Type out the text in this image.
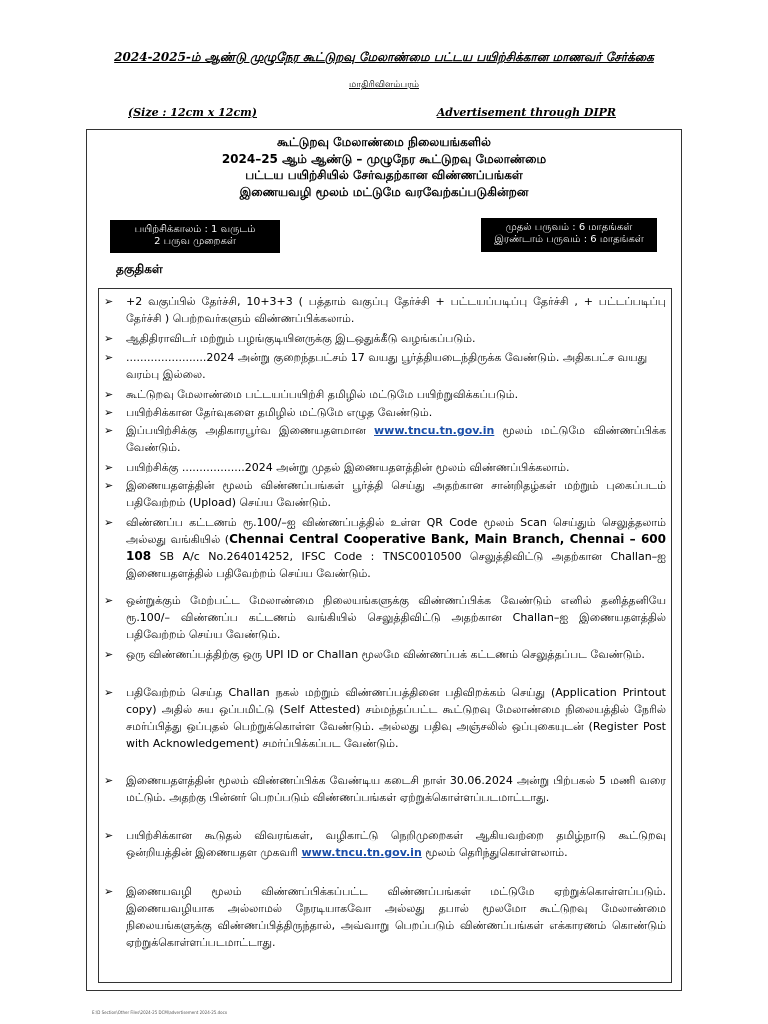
2024-2025-ம் ஆண்டு முழுநேர கூட்டுறவு மேலாண்மை பட்டய பயிற்சிக்கான மாணவர் சேர்க்கை
மாதிரிவிளம்பரம்
(Size : 12cm x 12cm)	Advertisement through DIPR
கூட்டுறவு மேலாண்மை நிலையங்களில்
2024–25 ஆம் ஆண்டு – முழுநேர கூட்டுறவு மேலாண்மை
பட்டய பயிற்சியில் சேர்வதற்கான விண்ணப்பங்கள்
இணையவழி மூலம் மட்டுமே வரவேற்கப்படுகின்றன
பயிற்சிக்காலம் : 1 வருடம்
2 பருவ முறைகள்
முதல் பருவம் : 6 மாதங்கள்
இரண்டாம் பருவம் : 6 மாதங்கள்
தகுதிகள்
➢	+2 வகுப்பில் தேர்ச்சி, 10+3+3 ( பத்தாம் வகுப்பு தேர்ச்சி + பட்டயப்படிப்பு தேர்ச்சி , + பட்டப்படிப்பு தேர்ச்சி ) பெற்றவர்களும் விண்ணப்பிக்கலாம்.
➢	ஆதிதிராவிடர் மற்றும் பழங்குடியினருக்கு இடஒதுக்கீடு வழங்கப்படும்.
➢	.......................2024 அன்று குறைந்தபட்சம் 17 வயது பூர்த்தியடைந்திருக்க வேண்டும். அதிகபட்ச வயது வரம்பு இல்லை.
➢	கூட்டுறவு மேலாண்மை பட்டயப்பயிற்சி தமிழில் மட்டுமே பயிற்றுவிக்கப்படும்.
➢	பயிற்சிக்கான தேர்வுகளை தமிழில் மட்டுமே எழுத வேண்டும்.
➢	இப்பயிற்சிக்கு அதிகாரபூர்வ இணையதளமான www.tncu.tn.gov.in மூலம் மட்டுமே விண்ணப்பிக்க வேண்டும்.
➢	பயிற்சிக்கு ..................2024 அன்று முதல் இணையதளத்தின் மூலம் விண்ணப்பிக்கலாம்.
➢	இணையதளத்தின் மூலம் விண்ணப்பங்கள் பூர்த்தி செய்து அதற்கான சான்றிதழ்கள் மற்றும் புகைப்படம் பதிவேற்றம் (Upload) செய்ய வேண்டும்.
➢	விண்ணப்ப கட்டணம் ரூ.100/–ஐ விண்ணப்பத்தில் உள்ள QR Code மூலம் Scan செய்தும் செலுத்தலாம் அல்லது வங்கியில் (Chennai Central Cooperative Bank, Main Branch, Chennai – 600 108 SB A/c No.264014252, IFSC Code : TNSC0010500 செலுத்திவிட்டு அதற்கான Challan–ஐ இணையதளத்தில் பதிவேற்றம் செய்ய வேண்டும்.
➢	ஒன்றுக்கும் மேற்பட்ட மேலாண்மை நிலையங்களுக்கு விண்ணப்பிக்க வேண்டும் எனில் தனித்தனியே ரூ.100/– விண்ணப்ப கட்டணம் வங்கியில் செலுத்திவிட்டு அதற்கான Challan–ஐ இணையதளத்தில் பதிவேற்றம் செய்ய வேண்டும்.
➢	ஒரு விண்ணப்பத்திற்கு ஒரு UPI ID or Challan மூலமே விண்ணப்பக் கட்டணம் செலுத்தப்பட வேண்டும்.
➢	பதிவேற்றம் செய்த Challan நகல் மற்றும் விண்ணப்பத்தினை பதிவிறக்கம் செய்து (Application Printout copy) அதில் சுய ஒப்பமிட்டு (Self Attested) சம்மந்தப்பட்ட கூட்டுறவு மேலாண்மை நிலையத்தில் நேரில் சமர்ப்பித்து ஒப்புதல் பெற்றுக்கொள்ள வேண்டும். அல்லது பதிவு அஞ்சலில் ஒப்புகையுடன் (Register Post with Acknowledgement) சமர்ப்பிக்கப்பட வேண்டும்.
➢	இணையதளத்தின் மூலம் விண்ணப்பிக்க வேண்டிய கடைசி நாள் 30.06.2024 அன்று பிற்பகல் 5 மணி வரை மட்டும். அதற்கு பின்னர் பெறப்படும் விண்ணப்பங்கள் ஏற்றுக்கொள்ளப்படமாட்டாது.
➢	பயிற்சிக்கான கூடுதல் விவரங்கள், வழிகாட்டு நெறிமுறைகள் ஆகியவற்றை தமிழ்நாடு கூட்டுறவு ஒன்றியத்தின் இணையதள முகவரி www.tncu.tn.gov.in மூலம் தெரிந்துகொள்ளலாம்.
➢	இணையவழி மூலம் விண்ணப்பிக்கப்பட்ட விண்ணப்பங்கள் மட்டுமே ஏற்றுக்கொள்ளப்படும். இணையவழியாக அல்லாமல் நேரடியாகவோ அல்லது தபால் மூலமோ கூட்டுறவு மேலாண்மை நிலையங்களுக்கு விண்ணப்பித்திருந்தால், அவ்வாறு பெறப்படும் விண்ணப்பங்கள் எக்காரணம் கொண்டும் ஏற்றுக்கொள்ளப்படமாட்டாது.
E:\D Section\Other Files\2024-25 DCM\advertisement 2024-25.docx
